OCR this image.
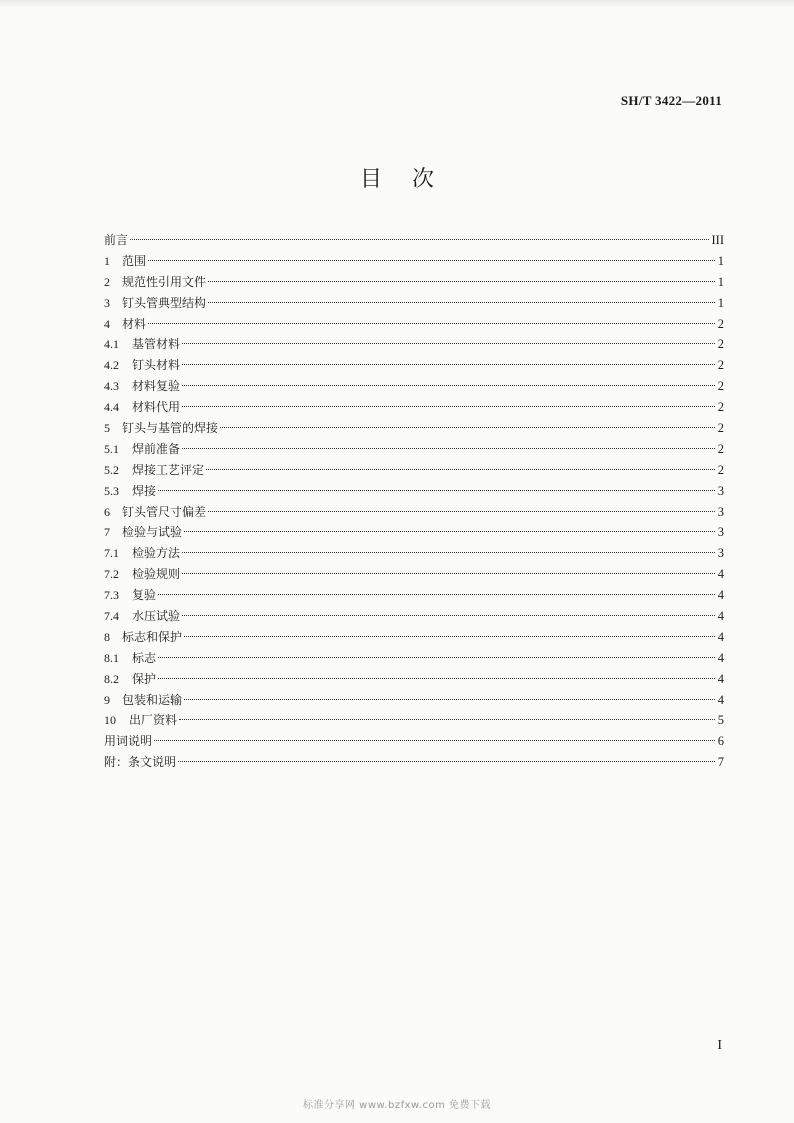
SH/T 3422—2011
目次
前言	III
1	范围	1
2	规范性引用文件	1
3	钉头管典型结构	1
4	材料	2
4.1	基管材料	2
4.2	钉头材料	2
4.3	材料复验	2
4.4	材料代用	2
5	钉头与基管的焊接	2
5.1	焊前准备	2
5.2	焊接工艺评定	2
5.3	焊接	3
6	钉头管尺寸偏差	3
7	检验与试验	3
7.1	检验方法	3
7.2	检验规则	4
7.3	复验	4
7.4	水压试验	4
8	标志和保护	4
8.1	标志	4
8.2	保护	4
9	包装和运输	4
10	出厂资料	5
用词说明	6
附：条文说明	7
I
标准分享网 www.bzfxw.com 免费下载
